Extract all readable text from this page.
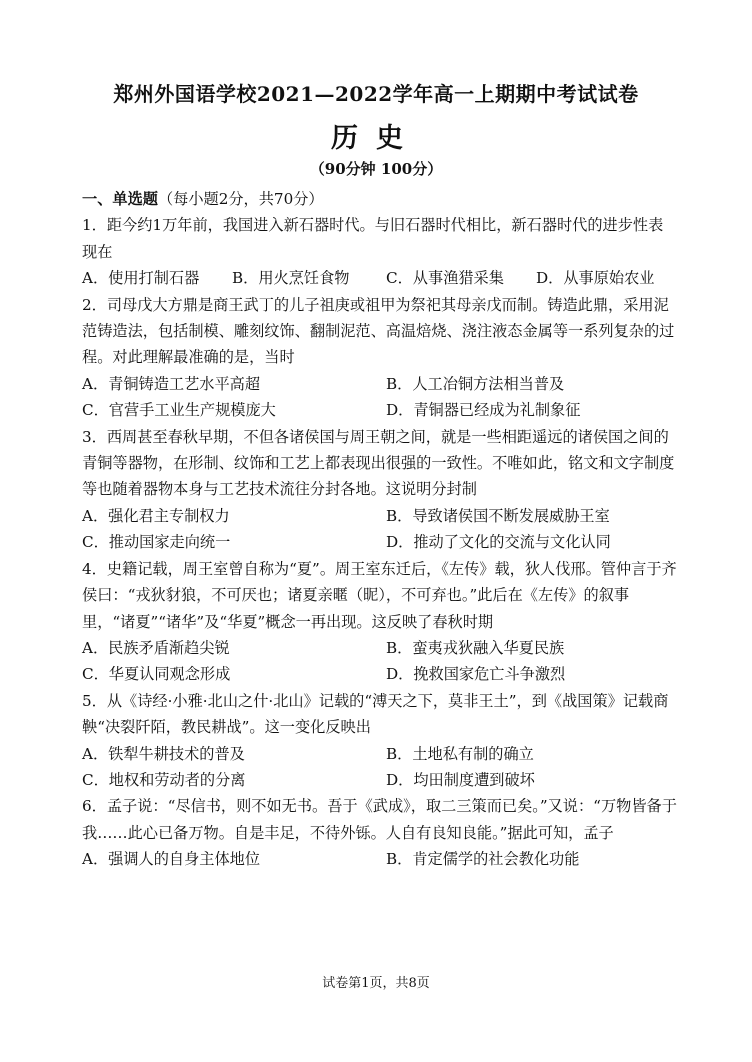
郑州外国语学校2021—2022学年高一上期期中考试试卷
历史
（90分钟 100分）
一、单选题（每小题2分，共70分）

1．距今约1万年前，我国进入新石器时代。与旧石器时代相比，新石器时代的进步性表现在

A．使用打制石器	B．用火烹饪食物	C．从事渔猎采集	D．从事原始农业

2．司母戊大方鼎是商王武丁的儿子祖庚或祖甲为祭祀其母亲戊而制。铸造此鼎，采用泥范铸造法，包括制模、雕刻纹饰、翻制泥范、高温焙烧、浇注液态金属等一系列复杂的过程。对此理解最准确的是，当时

A．青铜铸造工艺水平高超	B．人工冶铜方法相当普及
C．官营手工业生产规模庞大	D．青铜器已经成为礼制象征

3．西周甚至春秋早期，不但各诸侯国与周王朝之间，就是一些相距遥远的诸侯国之间的青铜等器物，在形制、纹饰和工艺上都表现出很强的一致性。不唯如此，铭文和文字制度等也随着器物本身与工艺技术流往分封各地。这说明分封制

A．强化君主专制权力	B．导致诸侯国不断发展威胁王室
C．推动国家走向统一	D．推动了文化的交流与文化认同

4．史籍记载，周王室曾自称为“夏”。周王室东迁后，《左传》载，狄人伐邢。管仲言于齐侯曰：“戎狄豺狼，不可厌也；诸夏亲暱（昵），不可弃也。”此后在《左传》的叙事里，“诸夏”“诸华”及“华夏”概念一再出现。这反映了春秋时期

A．民族矛盾渐趋尖锐	B．蛮夷戎狄融入华夏民族
C．华夏认同观念形成	D．挽救国家危亡斗争激烈

5．从《诗经·小雅·北山之什·北山》记载的“溥天之下，莫非王土”，到《战国策》记载商鞅“决裂阡陌，教民耕战”。这一变化反映出

A．铁犁牛耕技术的普及	B．土地私有制的确立
C．地权和劳动者的分离	D．均田制度遭到破坏

6．孟子说：“尽信书，则不如无书。吾于《武成》，取二三策而已矣。”又说：“万物皆备于我……此心已备万物。自是丰足，不待外铄。人自有良知良能。”据此可知，孟子

A．强调人的自身主体地位	B．肯定儒学的社会教化功能
试卷第1页，共8页
